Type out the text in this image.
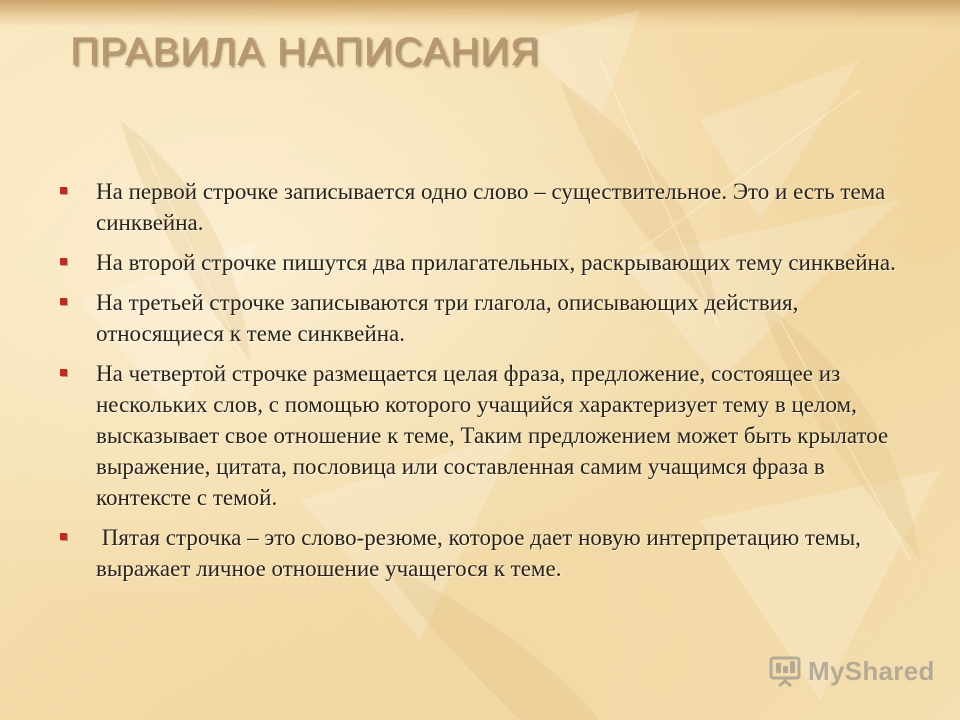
ПРАВИЛА НАПИСАНИЯ
На первой строчке записывается одно слово – существительное. Это и есть тема синквейна.
На второй строчке пишутся два прилагательных, раскрывающих тему синквейна.
На третьей строчке записываются три глагола, описывающих действия, относящиеся к теме синквейна.
На четвертой строчке размещается целая фраза, предложение, состоящее из нескольких слов, с помощью которого учащийся характеризует тему в целом, высказывает свое отношение к теме, Таким предложением может быть крылатое выражение, цитата, пословица или составленная самим учащимся фраза в контексте с темой.
Пятая строчка – это слово-резюме, которое дает новую интерпретацию темы,  выражает личное отношение учащегося к теме.
MyShared
